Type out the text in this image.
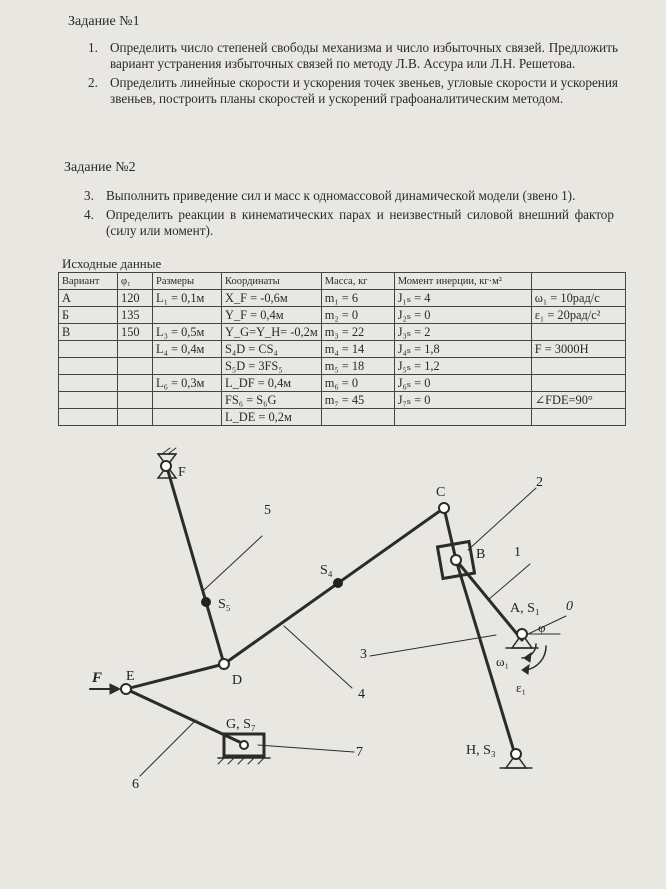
Задание №1
1. Определить число степеней свободы механизма и число избыточных связей. Предложить вариант устранения избыточных связей по методу Л.В. Ассура или Л.Н. Решетова.
2. Определить линейные скорости и ускорения точек звеньев, угловые скорости и ускорения звеньев, построить планы скоростей и ускорений графоаналитическим методом.
Задание №2
3. Выполнить приведение сил и масс к одномассовой динамической модели (звено 1).
4. Определить реакции в кинематических парах и неизвестный силовой внешний фактор (силу или момент).
Исходные данные
Вариант	φ₁	Размеры	Координаты	Масса, кг	Момент инерции, кг·м²	
А	120	L₁ = 0,1м	X_F = -0,6м	m₁ = 6	J₁ₛ = 4	ω₁ = 10рад/с
Б	135		Y_F = 0,4м	m₂ = 0	J₂ₛ = 0	ε₁ = 20рад/с²
В	150	L₃ = 0,5м	Y_G=Y_H= -0,2м	m₃ = 22	J₃ₛ = 2	
		L₄ = 0,4м	S₄D = CS₄	m₄ = 14	J₄ₛ = 1,8	F = 3000Н
			S₅D = 3FS₅	m₅ = 18	J₅ₛ = 1,2	
		L₆ = 0,3м	L_DF = 0,4м	m₆ = 0	J₆ₛ = 0	
			FS₆ = S₆G	m₇ = 45	J₇ₛ = 0	∠FDE=90°
			L_DE = 0,2м			
F
C
B
A, S₁
φ
ω₁
ε₁
S₄
S₅
D
E
F
G, S₇
H, S₃
1
2
3
4
5
6
7
0
